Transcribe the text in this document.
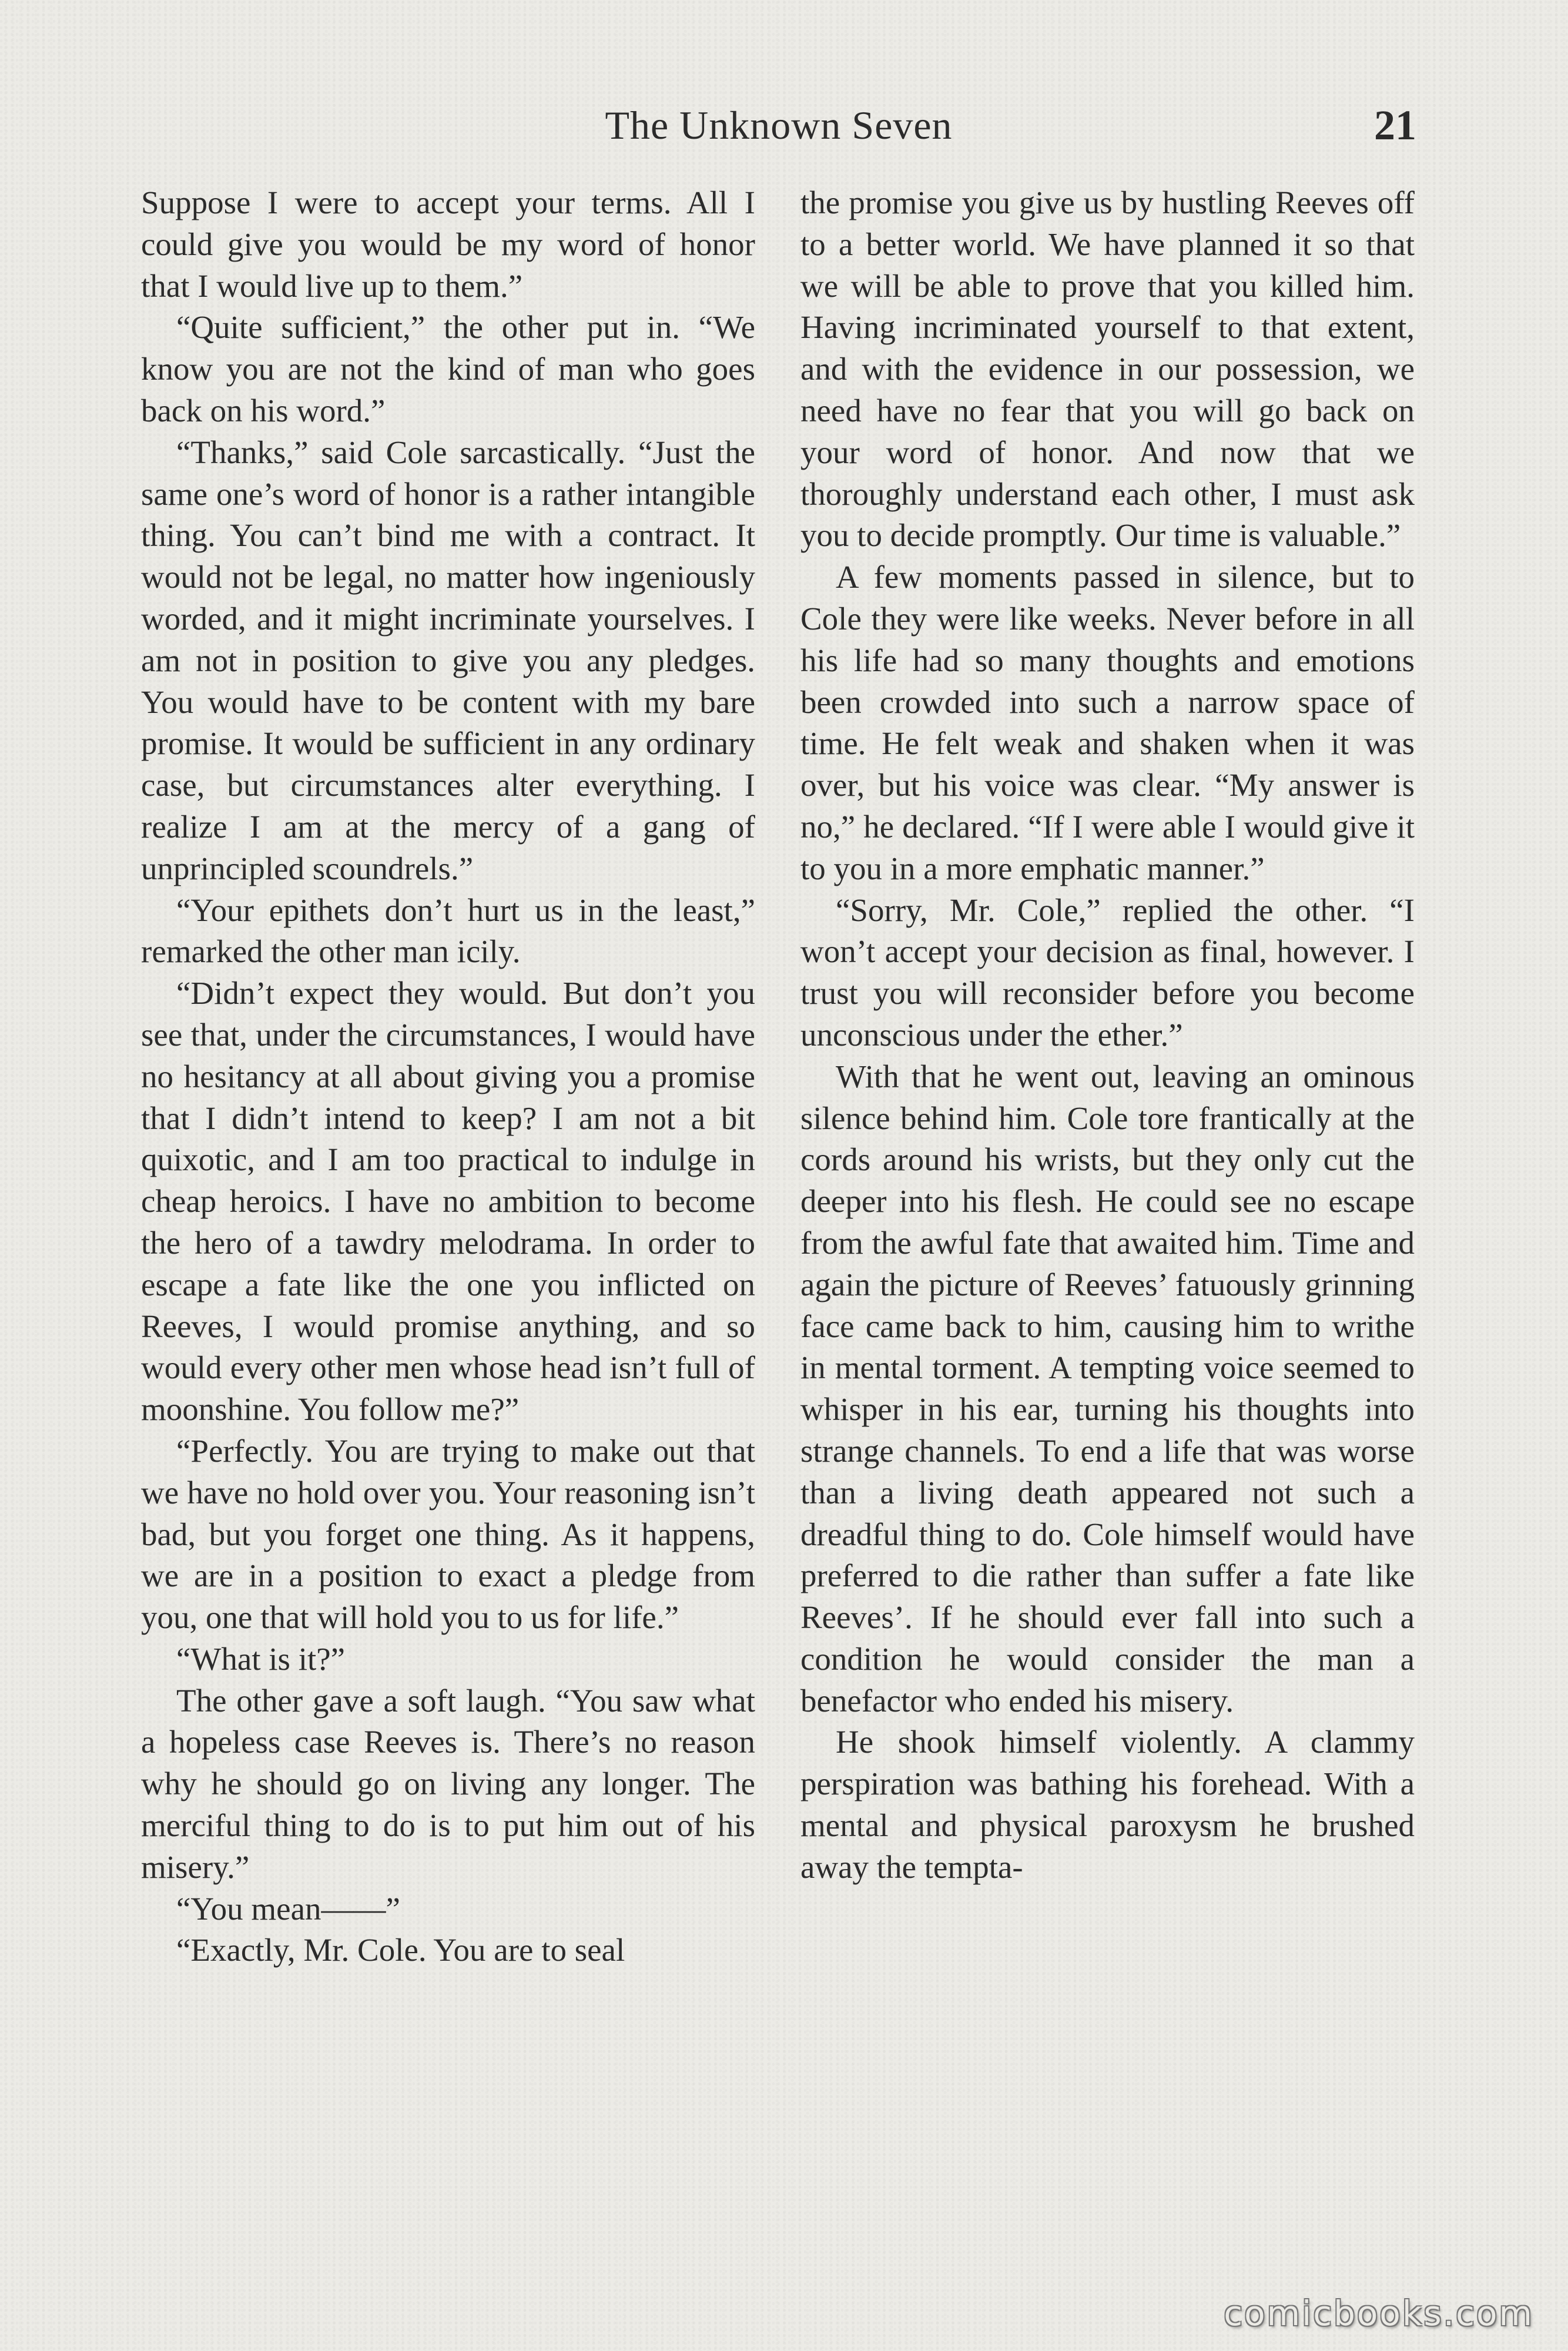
The Unknown Seven	21

Suppose I were to accept your terms. All I could give you would be my word of honor that I would live up to them.”

“Quite sufficient,” the other put in. “We know you are not the kind of man who goes back on his word.”

“Thanks,” said Cole sarcastically. “Just the same one’s word of honor is a rather intangible thing. You can’t bind me with a contract. It would not be legal, no matter how ingeniously worded, and it might incriminate yourselves. I am not in position to give you any pledges. You would have to be content with my bare promise. It would be sufficient in any ordinary case, but circumstances alter everything. I realize I am at the mercy of a gang of unprincipled scoundrels.”

“Your epithets don’t hurt us in the least,” remarked the other man icily.

“Didn’t expect they would. But don’t you see that, under the circumstances, I would have no hesitancy at all about giving you a promise that I didn’t intend to keep? I am not a bit quixotic, and I am too practical to indulge in cheap heroics. I have no ambition to become the hero of a tawdry melodrama. In order to escape a fate like the one you inflicted on Reeves, I would promise anything, and so would every other men whose head isn’t full of moonshine. You follow me?”

“Perfectly. You are trying to make out that we have no hold over you. Your reasoning isn’t bad, but you forget one thing. As it happens, we are in a position to exact a pledge from you, one that will hold you to us for life.”

“What is it?”

The other gave a soft laugh. “You saw what a hopeless case Reeves is. There’s no reason why he should go on living any longer. The merciful thing to do is to put him out of his misery.”

“You mean——”

“Exactly, Mr. Cole. You are to seal

the promise you give us by hustling Reeves off to a better world. We have planned it so that we will be able to prove that you killed him. Having incriminated yourself to that extent, and with the evidence in our possession, we need have no fear that you will go back on your word of honor. And now that we thoroughly understand each other, I must ask you to decide promptly. Our time is valuable.”

A few moments passed in silence, but to Cole they were like weeks. Never before in all his life had so many thoughts and emotions been crowded into such a narrow space of time. He felt weak and shaken when it was over, but his voice was clear. “My answer is no,” he declared. “If I were able I would give it to you in a more emphatic manner.”

“Sorry, Mr. Cole,” replied the other. “I won’t accept your decision as final, however. I trust you will reconsider before you become unconscious under the ether.”

With that he went out, leaving an ominous silence behind him. Cole tore frantically at the cords around his wrists, but they only cut the deeper into his flesh. He could see no escape from the awful fate that awaited him. Time and again the picture of Reeves’ fatuously grinning face came back to him, causing him to writhe in mental torment. A tempting voice seemed to whisper in his ear, turning his thoughts into strange channels. To end a life that was worse than a living death appeared not such a dreadful thing to do. Cole himself would have preferred to die rather than suffer a fate like Reeves’. If he should ever fall into such a condition he would consider the man a benefactor who ended his misery.

He shook himself violently. A clammy perspiration was bathing his forehead. With a mental and physical paroxysm he brushed away the tempta-

comicbooks.com
